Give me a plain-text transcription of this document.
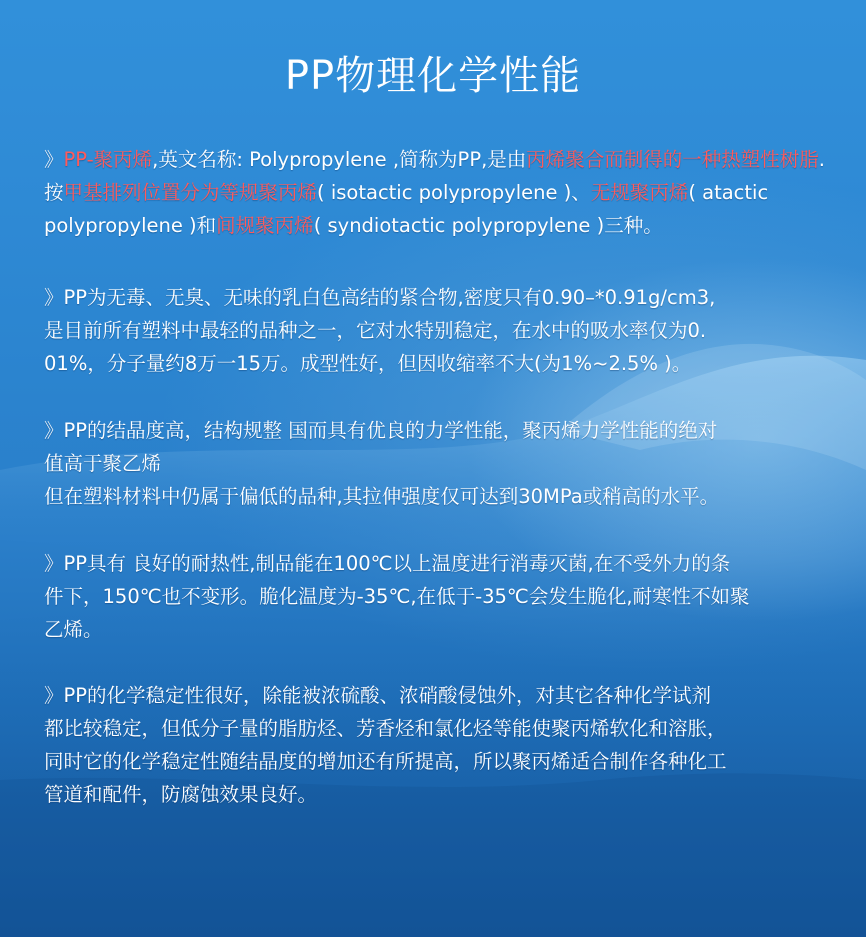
PP物理化学性能
》PP-聚丙烯,英文名称: Polypropylene ,简称为PP,是由丙烯聚合而制得的一种热塑性树脂.按甲基排列位置分为等规聚丙烯( isotactic polypropylene )、无规聚丙烯( atactic polypropylene )和间规聚丙烯( syndiotactic polypropylene )三种。
》PP为无毒、无臭、无味的乳白色高结的紧合物,密度只有0.90–*0.91g/cm3,
是目前所有塑料中最轻的品种之一，它对水特别稳定，在水中的吸水率仅为0.
01%，分子量约8万一15万。成型性好，但因收缩率不大(为1%~2.5% )。
》PP的结晶度高，结构规整 国而具有优良的力学性能，聚丙烯力学性能的绝对
值高于聚乙烯
但在塑料材料中仍属于偏低的品种,其拉伸强度仅可达到30MPa或稍高的水平。
》PP具有 良好的耐热性,制品能在100℃以上温度进行消毒灭菌,在不受外力的条
件下，150℃也不变形。脆化温度为-35℃,在低于-35℃会发生脆化,耐寒性不如聚
乙烯。
》PP的化学稳定性很好，除能被浓硫酸、浓硝酸侵蚀外，对其它各种化学试剂
都比较稳定，但低分子量的脂肪烃、芳香烃和氯化烃等能使聚丙烯软化和溶胀，
同时它的化学稳定性随结晶度的增加还有所提高，所以聚丙烯适合制作各种化工
管道和配件，防腐蚀效果良好。
